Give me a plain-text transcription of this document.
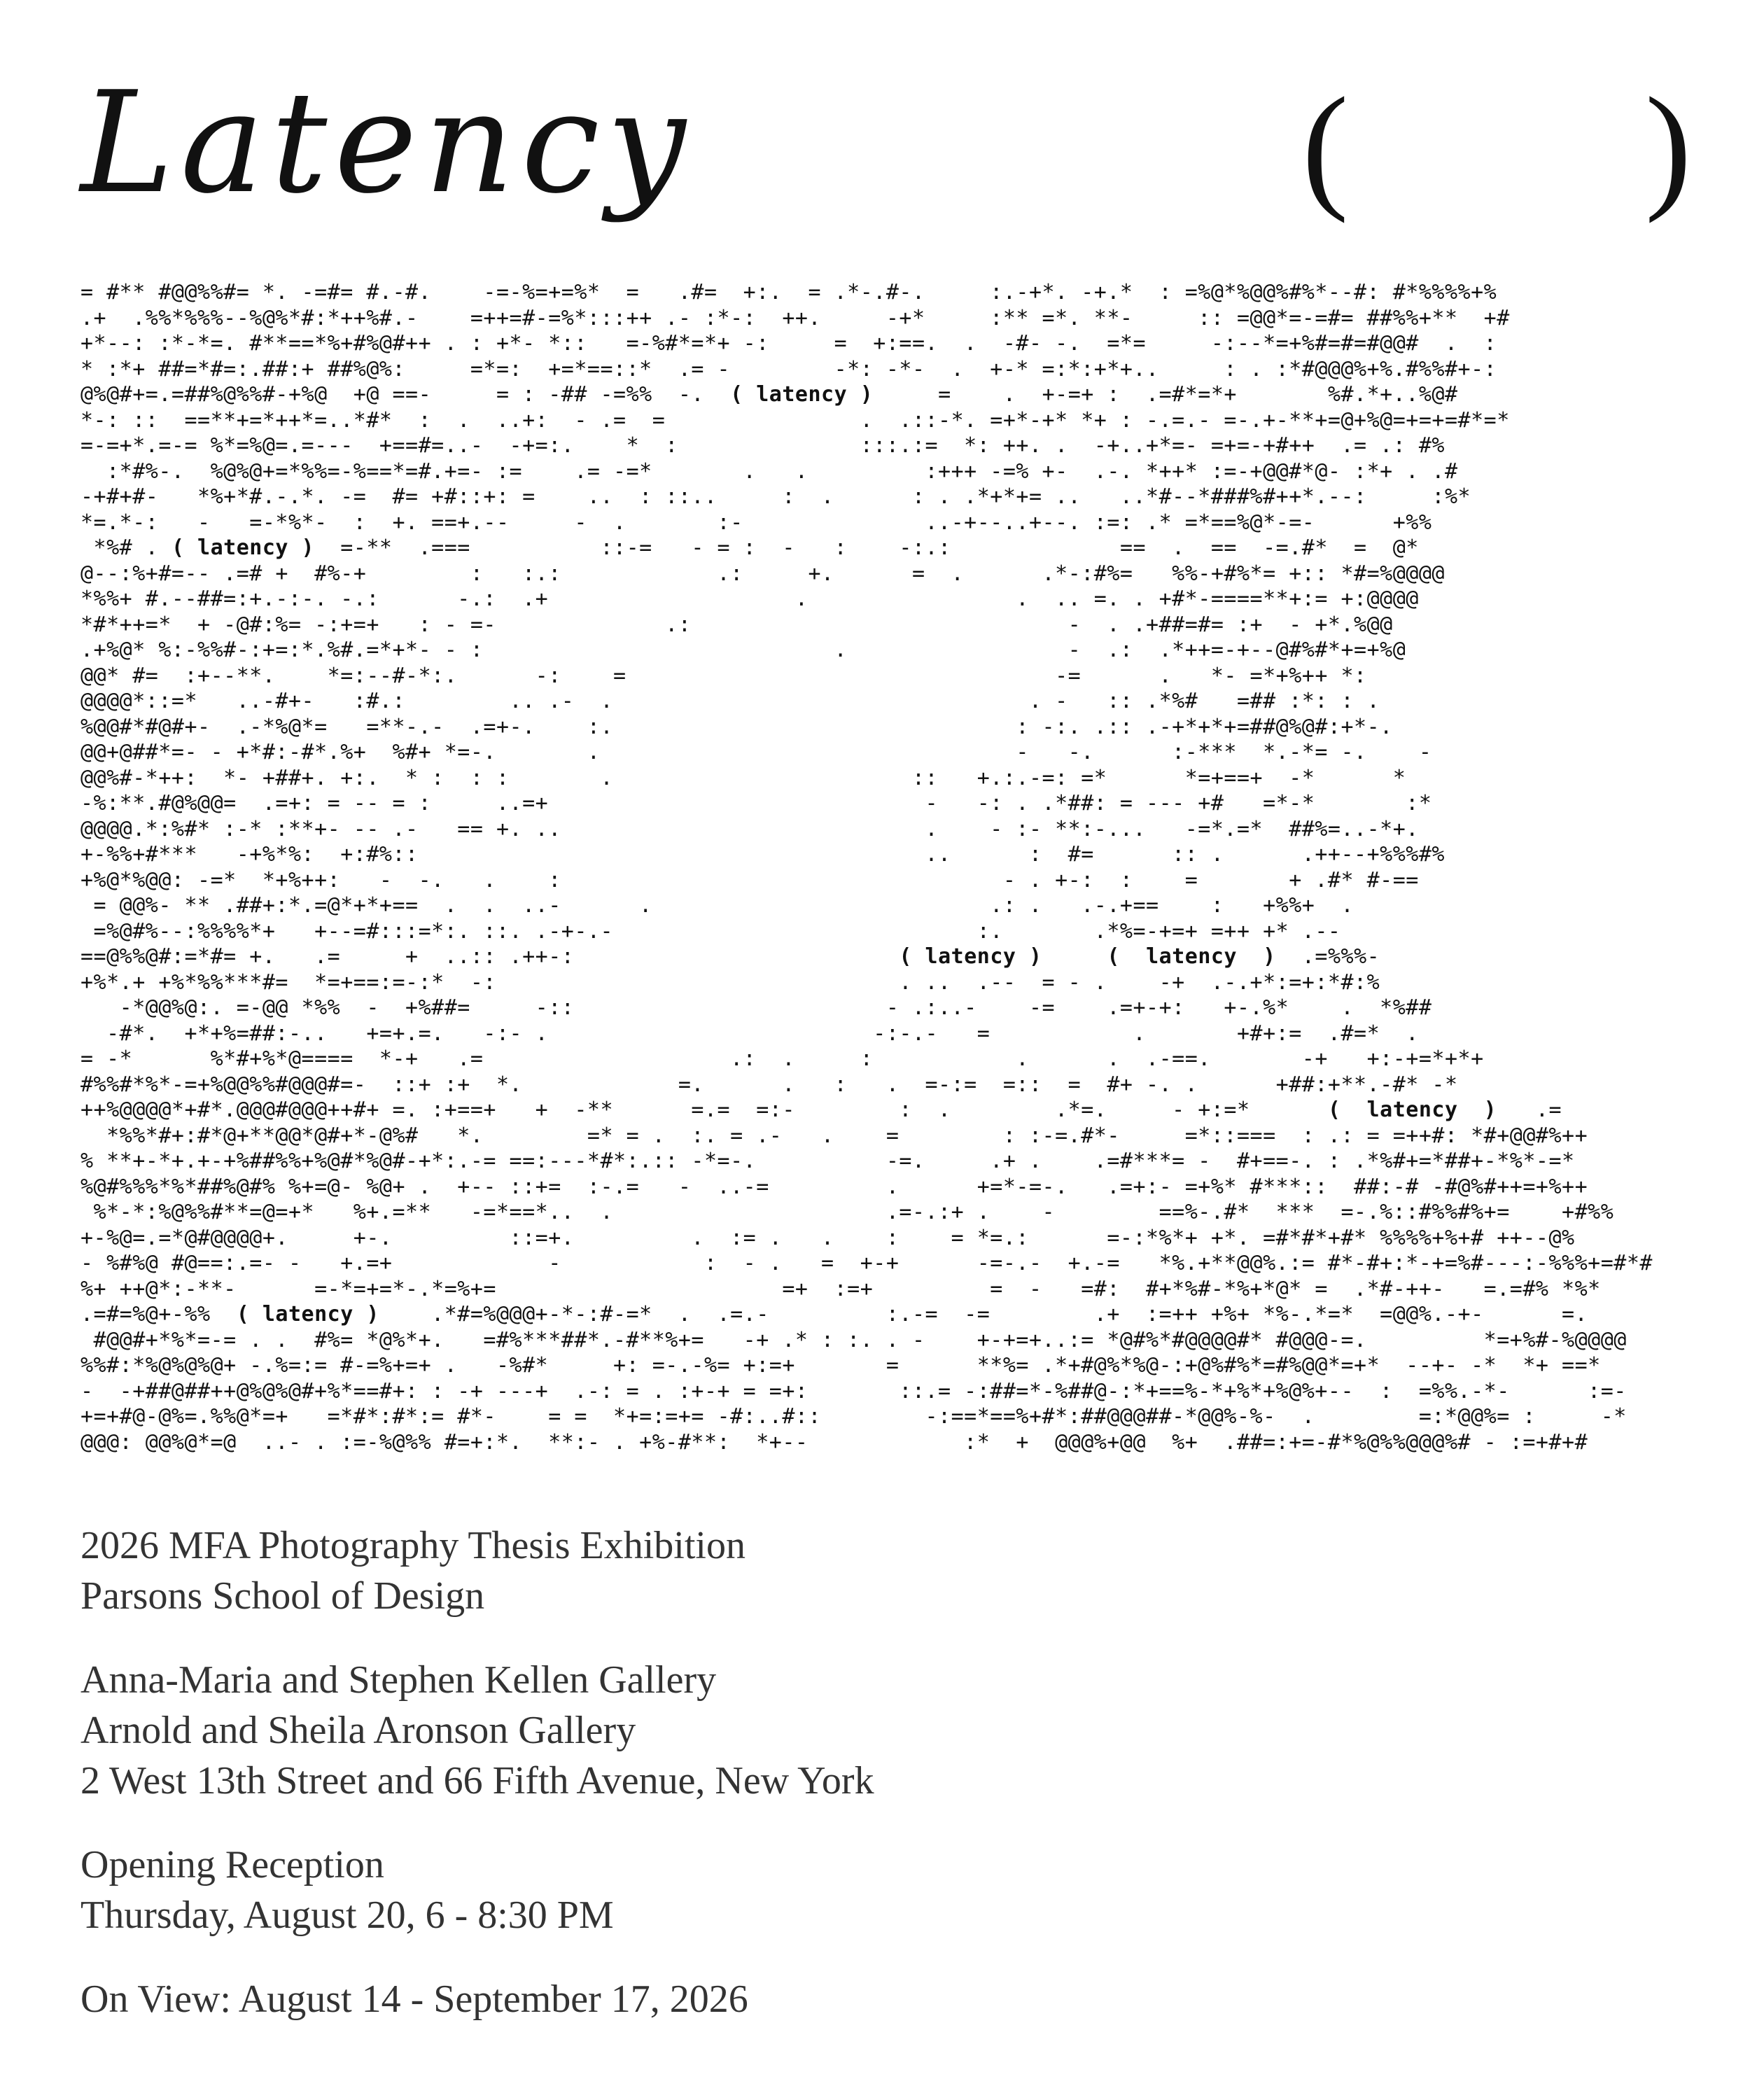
Latency	( )
= #** #@@%%#= *. -=#= #.-#.    -=-%=+=%*  =   .#=  +:.  = .*-.#-.     :.-+*. -+.*  : =%@*%@@%#%*--#: #*%%%%+%
.+  .%%*%%%--%@%*#:*++%#.-    =++=#-=%*:::++ .- :*-:  ++.     -+*     :** =*. **-     :: =@@*=-=#= ##%%+**  +#
+*--: :*-*=. #**==*%+#%@#++ . : +*- *::   =-%#*=*+ -:     =  +:==.  .  -#- -.  =*=     -:--*=+%#=#=#@@#  .  :
* :*+ ##=*#=:.##:+ ##%@%:     =*=:  +=*==::*  .= -        -*: -*-  .  +-* =:*:+*+..     : . :*#@@@%+%.#%%#+-:
@%@#+=.=##%@%%#-+%@  +@ ==-     = : -## -=%%  -.  ( latency )     =    .  +-=+ :  .=#*=*+       %#.*+..%@#
*-: ::  ==**+=*++*=..*#*  :  .  ..+:  - .=  =               .  .::-*. =+*-+* *+ : -.=.- =-.+-**+=@+%@=+=+=#*=*
=-=+*.=-= %*=%@=.=---  +==#=..-  -+=:.    *  :              :::.:=  *: ++. .  -+..+*=- =+=-+#++  .= .: #%
:*#%-.  %@%@+=*%%=-%==*=#.+=- :=    .= -=*       .   .         :+++ -=% +-  .-. *++* :=-+@@#*@- :*+ . .#
-+#+#-   *%+*#.-.*. -=  #= +#::+: =    ..  : ::..     :  .      : . .*+*+= ..   ..*#--*###%#++*.--:     :%*
*=.*-:   -   =-*%*-  :  +. ==+.--     -  .       :-              ..-+--..+--. :=: .* =*==%@*-=-      +%%
*%# . ( latency )  =-**  .===          ::-=   - = :  -   :    -:.:             ==  .  ==  -=.#*  =  @*
@--:%+#=-- .=# +  #%-+        :   :.:            .:     +.      =  .      .*-:#%=   %%-+#%*= +:: *#=%@@@@
*%%+ #.--##=:+.-:-. -.:      -.:  .+                   .                .  .. =. . +#*-====**+:= +:@@@@
*#*++=*  + -@#:%= -:+=+   : - =-             .:                             -  . .+##=#= :+  - +*.%@@
.+%@* %:-%%#-:+=:*.%#.=*+*- - :                           .                 -  .:  .*++=-+--@#%#*+=+%@
@@* #=  :+--**.    *=:--#-*:.      -:    =                                 -=      .   *- =*+%++ *:
@@@@*::=*   ..-#+-   :#.:        .. .-  .                                . -   :: .*%#   =## :*: : .
%@@#*#@#+-  .-*%@*=   =**-.-  .=+-.    :.                               : -:. .:: .-+*+*+=##@%@#:+*-.
@@+@##*=- - +*#:-#*.%+  %#+ *=-.       .                                -   -.      :-***  *.-*= -.    -
@@%#-*++:  *- +##+. +:.  * :  : :       .                       ::   +.:.-=: =*      *=+==+  -*      *
-%:**.#@%@@=  .=+: = -- = :     ..=+                             -   -: . .*##: = --- +#   =*-*       :*
@@@@.*:%#* :-* :**+- -- .-   == +. ..                            .    - :- **:-...   -=*.=*  ##%=..-*+.
+-%%+#***   -+%*%:  +:#%::                                       ..      :  #=      :: .      .++--+%%%#%
+%@*%@@: -=*  *+%++:   -  -.   .    :                                  - . +-:  :    =       + .#* #-==
= @@%- ** .##+:*.=@*+*+==  .  .  ..-      .                          .: .   .-.+==    :   +%%+  .
=%@#%--:%%%%*+   +--=#:::=*:. ::. .-+-.-                            :.       .*%=-+=+ =++ +* .--
==@%%@#:=*#= +.   .=     +  ..:: .++-:                         ( latency )	(  latency  )  .=%%%-
+%*.+ +%*%%***#=  *=+==:=-:*  -:                               . ..  .--  = - .    -+  .-.+*:=+:*#:%
-*@@%@:. =-@@ *%%  -  +%##=     -::                        - .:..-    -=    .=+-+:   +-.%*    .  *%##
-#*.  +*+%=##:-..   +=+.=.   -:- .                         -:-.-   =           .       +#+:=  .#=*  .
= -*      %*#+%*@====  *-+   .=                   .:  .     :           .      .  .-==.       -+   +:-+=*+*+
#%%#*%*-=+%@@%%#@@@#=-  ::+ :+  *.            =.      .   :   .  =-:=  =::  =  #+ -. .      +##:+**.-#* -*
++%@@@@*+#*.@@@#@@@++#+ =. :+==+   +  -**      =.=  =:-        :  .        .*=.     - +:=*      (  latency  )   .=
*%%*#+:#*@+**@@*@#+*-@%#   *.        =* = .  :. = .-   .    =        : :-=.#*-     =*::===  : .: = =++#: *#+@@#%++
% **+-*+.+-+%##%%+%@#*%@#-+*:.-= ==:---*#*:.:: -*=-.          -=.     .+ .    .=#***= -  #+==-. : .*%#+=*##+-*%*-=*
%@#%%%*%*##%@#% %+=@- %@+ .  +-- ::+=  :-.=   -  ..-=         .      +=*-=-.   .=+:- =+%* #***::  ##:-# -#@%#++=+%++
%*-*:%@%%#**=@=+*   %+.=**   -=*==*..  .                     .=-.:+ .    -        ==%-.#*  ***  =-.%::#%%#%+=    +#%%
+-%@=.=*@#@@@@+.     +-.         ::=+.         .  := .   .    :    = *=.:      =-:*%*+ +*. =#*#*+#* %%%%+%+# ++--@%
- %#%@ #@==:.=- -   +.=+            -           :  - .   =  +-+      -=-.-  +.-=   *%.+**@@%.:= #*-#+:*-+=%#---:-%%%+=#*#
%+ ++@*:-**-      =-*=+=*-.*=%+=                      =+  :=+         =  -   =#:  #+*%#-*%+*@* =  .*#-++-   =.=#% *%*
.=#=%@+-%%  ( latency )    .*#=%@@@+-*-:#-=*  .  .=.-         :.-=  -=        .+  :=++ +%+ *%-.*=*  =@@%.-+-      =.
#@@#+*%*=-= . .  #%= *@%*+.   =#%***##*.-#**%+=   -+ .* : :. . -    +-+=+..:= *@#%*#@@@@#* #@@@-=.         *=+%#-%@@@@
%%#:*%@%@%@+ -.%=:= #-=%+=+ .   -%#*     +: =-.-%= +:=+       =      **%= .*+#@%*%@-:+@%#%*=#%@@*=+*  --+- -*  *+ ==*
-  -+##@##++@%@%@#+%*==#+: : -+ ---+  .-: = . :+-+ = =+:       ::.= -:##=*-%##@-:*+==%-*+%*+%@%+--  :  =%%.-*-      :=-
+=+#@-@%=.%%@*=+   =*#*:#*:= #*-    = =  *+=:=+= -#:..#::        -:==*==%+#*:##@@@##-*@@%-%-  .        =:*@@%= :     -*
@@@: @@%@*=@  ..- . :=-%@%% #=+:*.  **:- . +%-#**:  *+--            :*  +  @@@%+@@  %+  .##=:+=-#*%@%%@@@%# - :=+#+#

2026 MFA Photography Thesis Exhibition

Parsons School of Design

Anna-Maria and Stephen Kellen Gallery

Arnold and Sheila Aronson Gallery

2 West 13th Street and 66 Fifth Avenue, New York

Opening Reception

Thursday, August 20, 6 - 8:30 PM

On View: August 14 - September 17, 2026
